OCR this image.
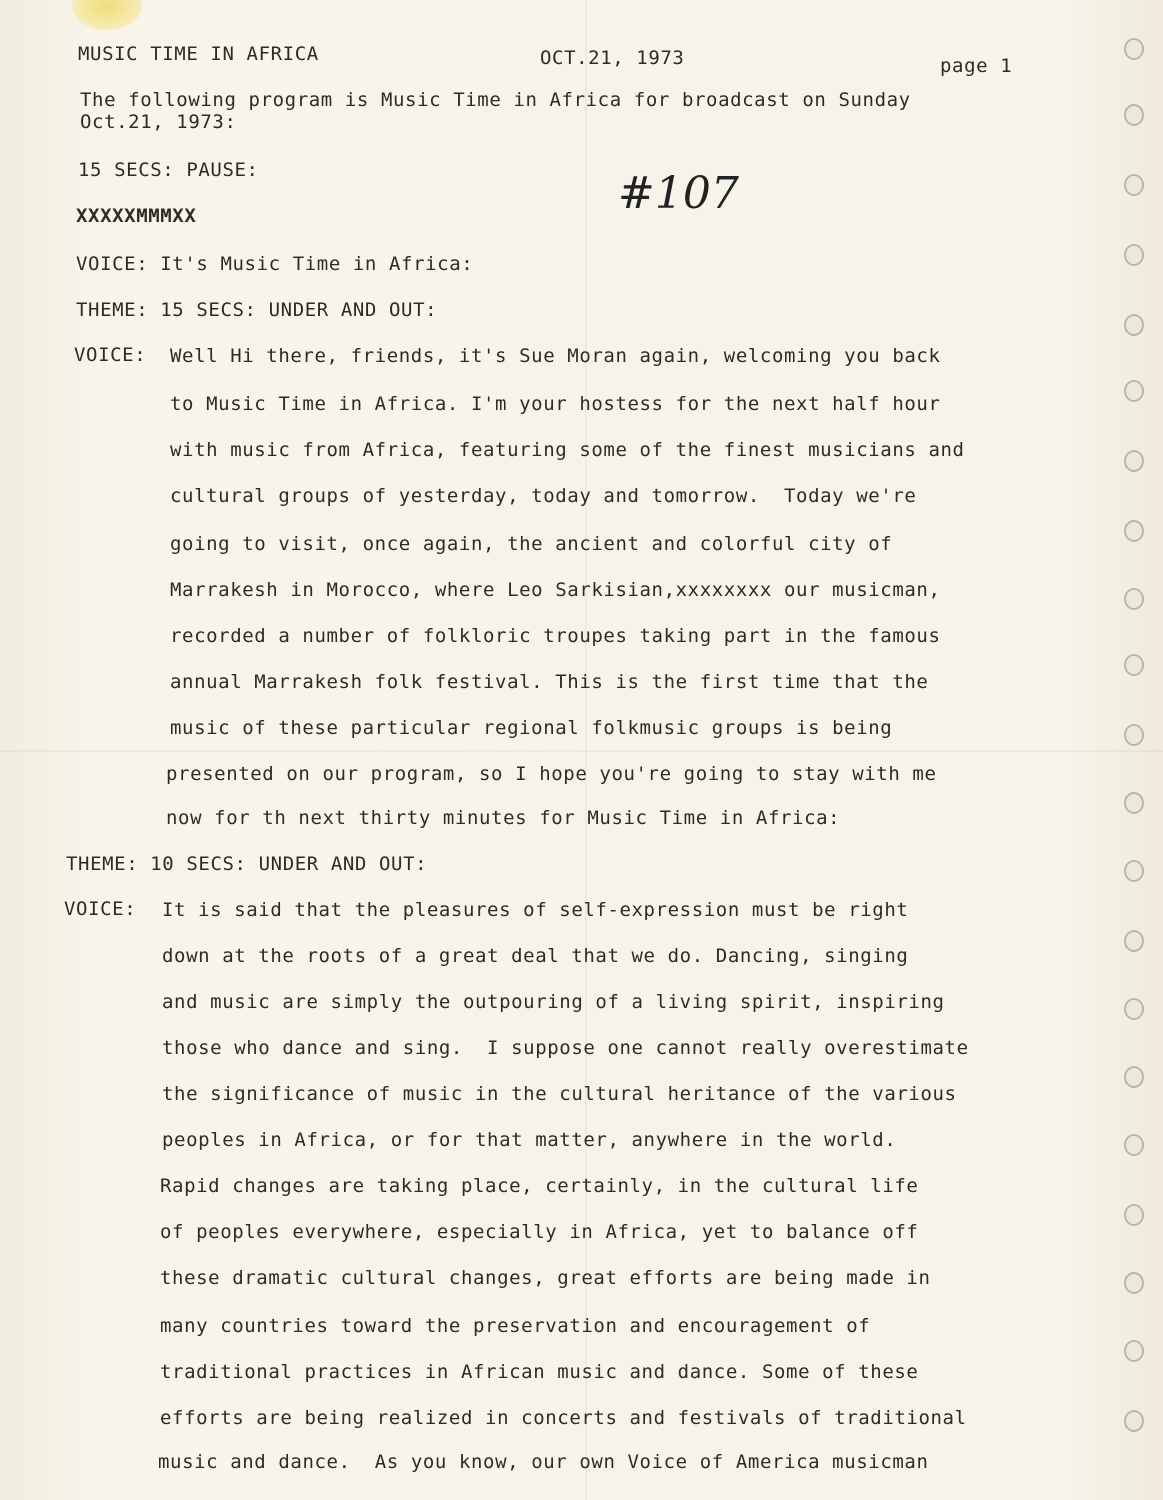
MUSIC TIME IN AFRICA	OCT.21, 1973	page 1
The following program is Music Time in Africa for broadcast on Sunday
Oct.21, 1973:
15 SECS: PAUSE:	#107
XXXXXMMMXX
VOICE: It's Music Time in Africa:
THEME: 15 SECS: UNDER AND OUT:
VOICE: Well Hi there, friends, it's Sue Moran again, welcoming you back
to Music Time in Africa. I'm your hostess for the next half hour
with music from Africa, featuring some of the finest musicians and
cultural groups of yesterday, today and tomorrow.  Today we're
going to visit, once again, the ancient and colorful city of
Marrakesh in Morocco, where Leo Sarkisian,xxxxxxxx our musicman,
recorded a number of folkloric troupes taking part in the famous
annual Marrakesh folk festival. This is the first time that the
music of these particular regional folkmusic groups is being
presented on our program, so I hope you're going to stay with me
now for th next thirty minutes for Music Time in Africa:
THEME: 10 SECS: UNDER AND OUT:
VOICE: It is said that the pleasures of self-expression must be right
down at the roots of a great deal that we do. Dancing, singing
and music are simply the outpouring of a living spirit, inspiring
those who dance and sing.  I suppose one cannot really overestimate
the significance of music in the cultural heritance of the various
peoples in Africa, or for that matter, anywhere in the world.
Rapid changes are taking place, certainly, in the cultural life
of peoples everywhere, especially in Africa, yet to balance off
these dramatic cultural changes, great efforts are being made in
many countries toward the preservation and encouragement of
traditional practices in African music and dance. Some of these
efforts are being realized in concerts and festivals of traditional
music and dance.  As you know, our own Voice of America musicman
